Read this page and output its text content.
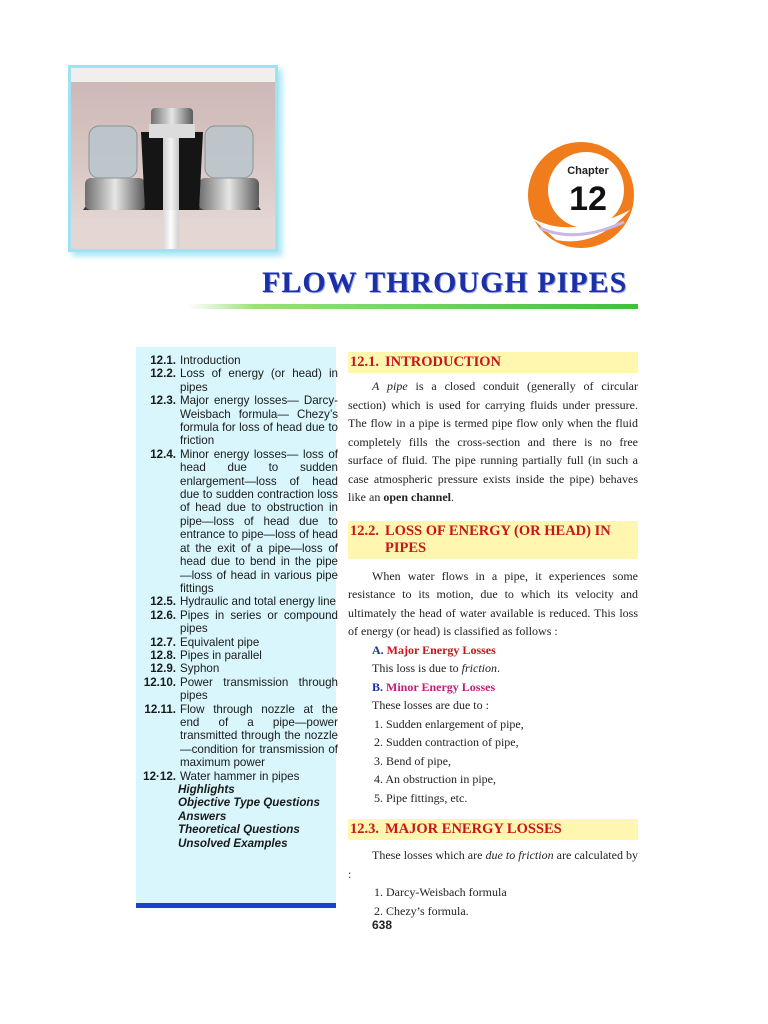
Chapter
12
FLOW THROUGH PIPES
12.1. Introduction
12.2. Loss of energy (or head) in pipes
12.3. Major energy losses— Darcy-Weisbach formula— Chezy’s formula for loss of head due to friction
12.4. Minor energy losses— loss of head due to sudden enlargement—loss of head due to sudden contraction loss of head due to obstruction in pipe—loss of head due to entrance to pipe—loss of head at the exit of a pipe—loss of head due to bend in the pipe—loss of head in various pipe fittings
12.5. Hydraulic and total energy line
12.6. Pipes in series or compound pipes
12.7. Equivalent pipe
12.8. Pipes in parallel
12.9. Syphon
12.10. Power transmission through pipes
12.11. Flow through nozzle at the end of a pipe—power transmitted through the nozzle—condition for transmission of maximum power
12·12. Water hammer in pipes
Highlights
Objective Type Questions
Answers
Theoretical Questions
Unsolved Examples
12.1. INTRODUCTION
A pipe is a closed conduit (generally of circular section) which is used for carrying fluids under pressure. The flow in a pipe is termed pipe flow only when the fluid completely fills the cross-section and there is no free surface of fluid. The pipe running partially full (in such a case atmospheric pressure exists inside the pipe) behaves like an open channel.
12.2. LOSS OF ENERGY (OR HEAD) IN PIPES
When water flows in a pipe, it experiences some resistance to its motion, due to which its velocity and ultimately the head of water available is reduced. This loss of energy (or head) is classified as follows :
A. Major Energy Losses
This loss is due to friction.
B. Minor Energy Losses
These losses are due to :
1. Sudden enlargement of pipe,
2. Sudden contraction of pipe,
3. Bend of pipe,
4. An obstruction in pipe,
5. Pipe fittings, etc.
12.3. MAJOR ENERGY LOSSES
These losses which are due to friction are calculated by :
1. Darcy-Weisbach formula
2. Chezy’s formula.
638
